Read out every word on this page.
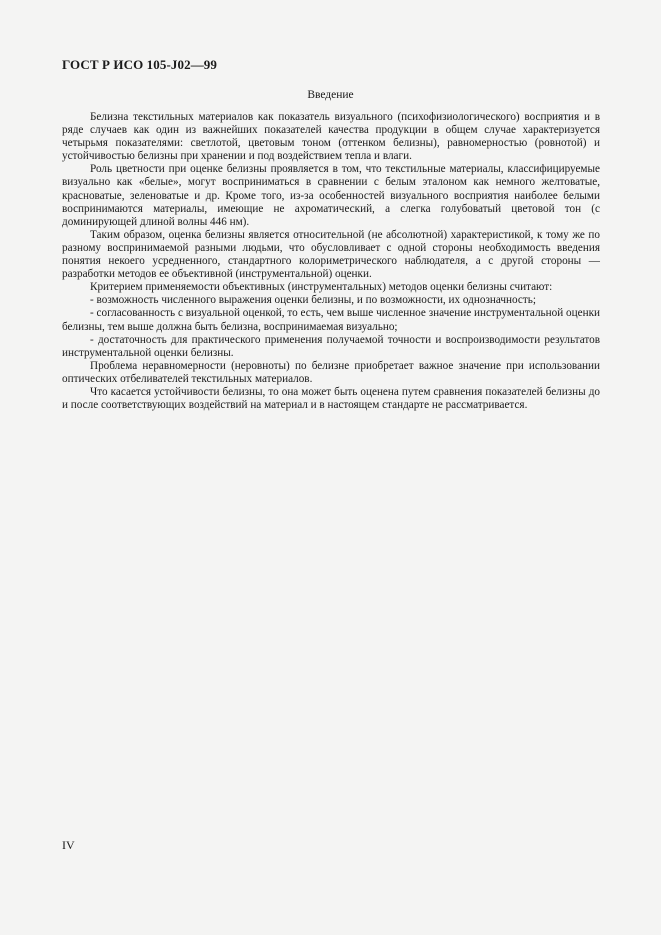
ГОСТ Р ИСО 105-J02—99
Введение

Белизна текстильных материалов как показатель визуального (психофизиологического) восприятия и в ряде случаев как один из важнейших показателей качества продукции в общем случае характеризуется четырьмя показателями: светлотой, цветовым тоном (оттенком белизны), равномерностью (ровнотой) и устойчивостью белизны при хранении и под воздействием тепла и влаги.

Роль цветности при оценке белизны проявляется в том, что текстильные материалы, классифицируемые визуально как «белые», могут восприниматься в сравнении с белым эталоном как немного желтоватые, красноватые, зеленоватые и др. Кроме того, из-за особенностей визуального восприятия наиболее белыми воспринимаются материалы, имеющие не ахроматический, а слегка голубоватый цветовой тон (с доминирующей длиной волны 446 нм).

Таким образом, оценка белизны является относительной (не абсолютной) характеристикой, к тому же по разному воспринимаемой разными людьми, что обусловливает с одной стороны необходимость введения понятия некоего усредненного, стандартного колориметрического наблюдателя, а с другой стороны — разработки методов ее объективной (инструментальной) оценки.

Критерием применяемости объективных (инструментальных) методов оценки белизны считают:

- возможность численного выражения оценки белизны, и по возможности, их однозначность;

- согласованность с визуальной оценкой, то есть, чем выше численное значение инструментальной оценки белизны, тем выше должна быть белизна, воспринимаемая визуально;

- достаточность для практического применения получаемой точности и воспроизводимости результатов инструментальной оценки белизны.

Проблема неравномерности (неровноты) по белизне приобретает важное значение при использовании оптических отбеливателей текстильных материалов.

Что касается устойчивости белизны, то она может быть оценена путем сравнения показателей белизны до и после соответствующих воздействий на материал и в настоящем стандарте не рассматривается.

IV
